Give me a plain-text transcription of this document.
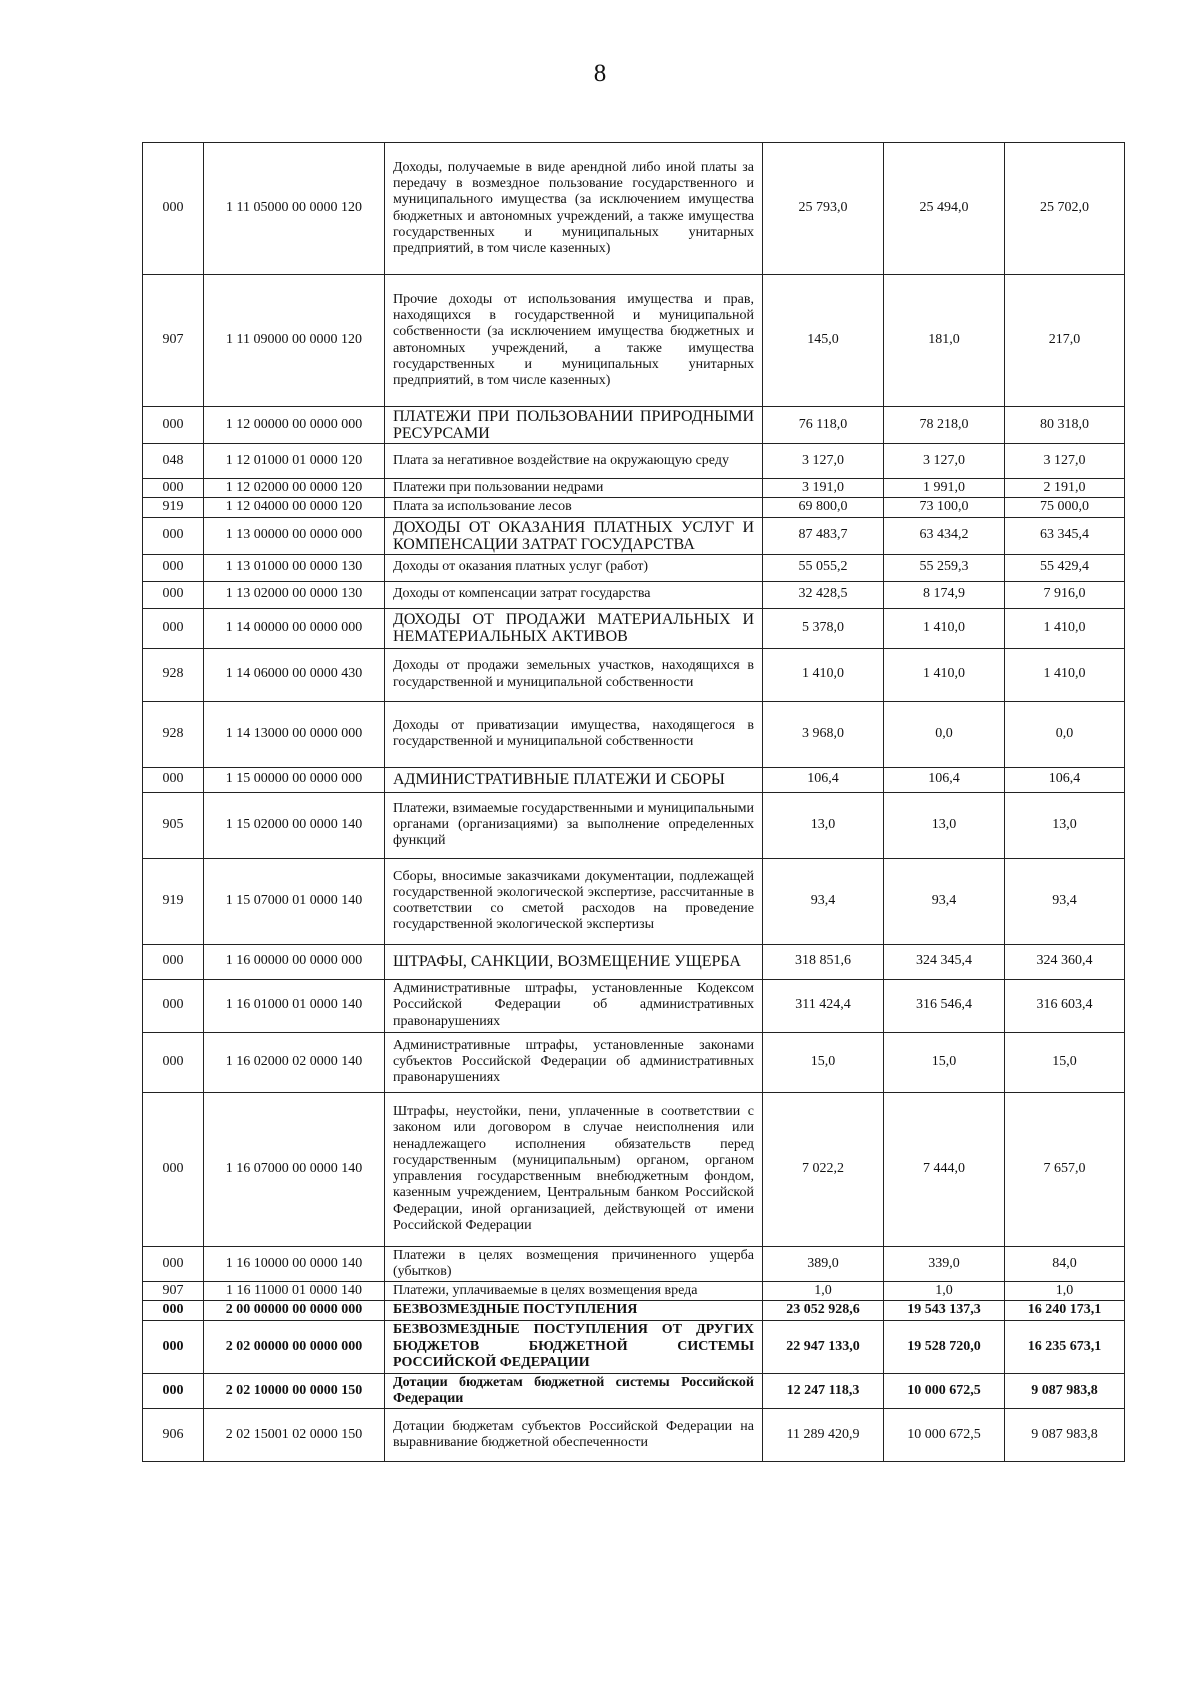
8
000	1 11 05000 00 0000 120	Доходы, получаемые в виде арендной либо иной платы за передачу в возмездное пользование государственного и муниципального имущества (за исключением имущества бюджетных и автономных учреждений, а также имущества государственных и муниципальных унитарных предприятий, в том числе казенных)	25 793,0	25 494,0	25 702,0
907	1 11 09000 00 0000 120	Прочие доходы от использования имущества и прав, находящихся в государственной и муниципальной собственности (за исключением имущества бюджетных и автономных учреждений, а также имущества государственных и муниципальных унитарных предприятий, в том числе казенных)	145,0	181,0	217,0
000	1 12 00000 00 0000 000	ПЛАТЕЖИ ПРИ ПОЛЬЗОВАНИИ ПРИРОДНЫМИ РЕСУРСАМИ	76 118,0	78 218,0	80 318,0
048	1 12 01000 01 0000 120	Плата за негативное воздействие на окружающую среду	3 127,0	3 127,0	3 127,0
000	1 12 02000 00 0000 120	Платежи при пользовании недрами	3 191,0	1 991,0	2 191,0
919	1 12 04000 00 0000 120	Плата за использование лесов	69 800,0	73 100,0	75 000,0
000	1 13 00000 00 0000 000	ДОХОДЫ ОТ ОКАЗАНИЯ ПЛАТНЫХ УСЛУГ И КОМПЕНСАЦИИ ЗАТРАТ ГОСУДАРСТВА	87 483,7	63 434,2	63 345,4
000	1 13 01000 00 0000 130	Доходы от оказания платных услуг (работ)	55 055,2	55 259,3	55 429,4
000	1 13 02000 00 0000 130	Доходы от компенсации затрат государства	32 428,5	8 174,9	7 916,0
000	1 14 00000 00 0000 000	ДОХОДЫ ОТ ПРОДАЖИ МАТЕРИАЛЬНЫХ И НЕМАТЕРИАЛЬНЫХ АКТИВОВ	5 378,0	1 410,0	1 410,0
928	1 14 06000 00 0000 430	Доходы от продажи земельных участков, находящихся в государственной и муниципальной собственности	1 410,0	1 410,0	1 410,0
928	1 14 13000 00 0000 000	Доходы от приватизации имущества, находящегося в государственной и муниципальной собственности	3 968,0	0,0	0,0
000	1 15 00000 00 0000 000	АДМИНИСТРАТИВНЫЕ ПЛАТЕЖИ И СБОРЫ	106,4	106,4	106,4
905	1 15 02000 00 0000 140	Платежи, взимаемые государственными и муниципальными органами (организациями) за выполнение определенных функций	13,0	13,0	13,0
919	1 15 07000 01 0000 140	Сборы, вносимые заказчиками документации, подлежащей государственной экологической экспертизе, рассчитанные в соответствии со сметой расходов на проведение государственной экологической экспертизы	93,4	93,4	93,4
000	1 16 00000 00 0000 000	ШТРАФЫ, САНКЦИИ, ВОЗМЕЩЕНИЕ УЩЕРБА	318 851,6	324 345,4	324 360,4
000	1 16 01000 01 0000 140	Административные штрафы, установленные Кодексом Российской Федерации об административных правонарушениях	311 424,4	316 546,4	316 603,4
000	1 16 02000 02 0000 140	Административные штрафы, установленные законами субъектов Российской Федерации об административных правонарушениях	15,0	15,0	15,0
000	1 16 07000 00 0000 140	Штрафы, неустойки, пени, уплаченные в соответствии с законом или договором в случае неисполнения или ненадлежащего исполнения обязательств перед государственным (муниципальным) органом, органом управления государственным внебюджетным фондом, казенным учреждением, Центральным банком Российской Федерации, иной организацией, действующей от имени Российской Федерации	7 022,2	7 444,0	7 657,0
000	1 16 10000 00 0000 140	Платежи в целях возмещения причиненного ущерба (убытков)	389,0	339,0	84,0
907	1 16 11000 01 0000 140	Платежи, уплачиваемые в целях возмещения вреда	1,0	1,0	1,0
000	2 00 00000 00 0000 000	БЕЗВОЗМЕЗДНЫЕ ПОСТУПЛЕНИЯ	23 052 928,6	19 543 137,3	16 240 173,1
000	2 02 00000 00 0000 000	БЕЗВОЗМЕЗДНЫЕ ПОСТУПЛЕНИЯ ОТ ДРУГИХ БЮДЖЕТОВ БЮДЖЕТНОЙ СИСТЕМЫ РОССИЙСКОЙ ФЕДЕРАЦИИ	22 947 133,0	19 528 720,0	16 235 673,1
000	2 02 10000 00 0000 150	Дотации бюджетам бюджетной системы Российской Федерации	12 247 118,3	10 000 672,5	9 087 983,8
906	2 02 15001 02 0000 150	Дотации бюджетам субъектов Российской Федерации на выравнивание бюджетной обеспеченности	11 289 420,9	10 000 672,5	9 087 983,8
